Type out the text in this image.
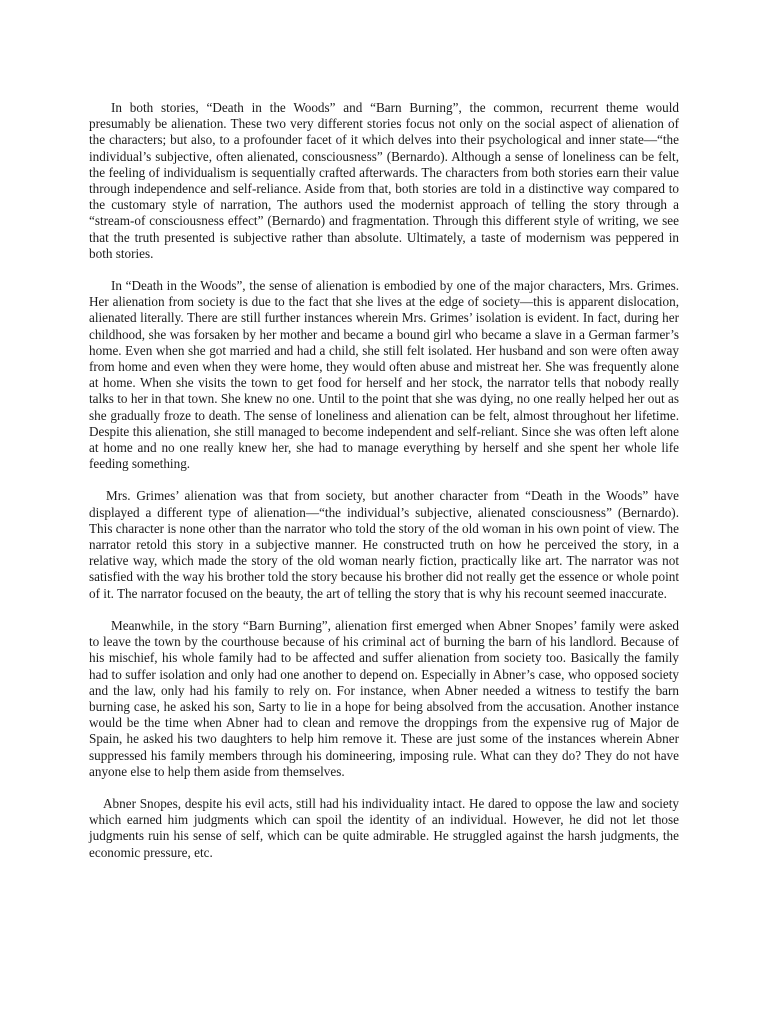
In both stories, “Death in the Woods” and “Barn Burning”, the common, recurrent theme would presumably be alienation. These two very different stories focus not only on the social aspect of alienation of the characters; but also, to a profounder facet of it which delves into their psychological and inner state—“the individual’s subjective, often alienated, consciousness” (Bernardo). Although a sense of loneliness can be felt, the feeling of individualism is sequentially crafted afterwards. The characters from both stories earn their value through independence and self-reliance. Aside from that, both stories are told in a distinctive way compared to the customary style of narration, The authors used the modernist approach of telling the story through a “stream-of consciousness effect” (Bernardo) and fragmentation. Through this different style of writing, we see that the truth presented is subjective rather than absolute. Ultimately, a taste of modernism was peppered in both stories.

In “Death in the Woods”, the sense of alienation is embodied by one of the major characters, Mrs. Grimes. Her alienation from society is due to the fact that she lives at the edge of society—this is apparent dislocation, alienated literally. There are still further instances wherein Mrs. Grimes’ isolation is evident. In fact, during her childhood, she was forsaken by her mother and became a bound girl who became a slave in a German farmer’s home. Even when she got married and had a child, she still felt isolated. Her husband and son were often away from home and even when they were home, they would often abuse and mistreat her. She was frequently alone at home. When she visits the town to get food for herself and her stock, the narrator tells that nobody really talks to her in that town. She knew no one. Until to the point that she was dying, no one really helped her out as she gradually froze to death. The sense of loneliness and alienation can be felt, almost throughout her lifetime. Despite this alienation, she still managed to become independent and self-reliant. Since she was often left alone at home and no one really knew her, she had to manage everything by herself and she spent her whole life feeding something.

Mrs. Grimes’ alienation was that from society, but another character from “Death in the Woods” have displayed a different type of alienation—“the individual’s subjective, alienated consciousness” (Bernardo). This character is none other than the narrator who told the story of the old woman in his own point of view. The narrator retold this story in a subjective manner. He constructed truth on how he perceived the story, in a relative way, which made the story of the old woman nearly fiction, practically like art. The narrator was not satisfied with the way his brother told the story because his brother did not really get the essence or whole point of it. The narrator focused on the beauty, the art of telling the story that is why his recount seemed inaccurate.

Meanwhile, in the story “Barn Burning”, alienation first emerged when Abner Snopes’ family were asked to leave the town by the courthouse because of his criminal act of burning the barn of his landlord. Because of his mischief, his whole family had to be affected and suffer alienation from society too. Basically the family had to suffer isolation and only had one another to depend on. Especially in Abner’s case, who opposed society and the law, only had his family to rely on. For instance, when Abner needed a witness to testify the barn burning case, he asked his son, Sarty to lie in a hope for being absolved from the accusation. Another instance would be the time when Abner had to clean and remove the droppings from the expensive rug of Major de Spain, he asked his two daughters to help him remove it. These are just some of the instances wherein Abner suppressed his family members through his domineering, imposing rule. What can they do? They do not have anyone else to help them aside from themselves.

Abner Snopes, despite his evil acts, still had his individuality intact. He dared to oppose the law and society which earned him judgments which can spoil the identity of an individual. However, he did not let those judgments ruin his sense of self, which can be quite admirable. He struggled against the harsh judgments, the economic pressure, etc.
